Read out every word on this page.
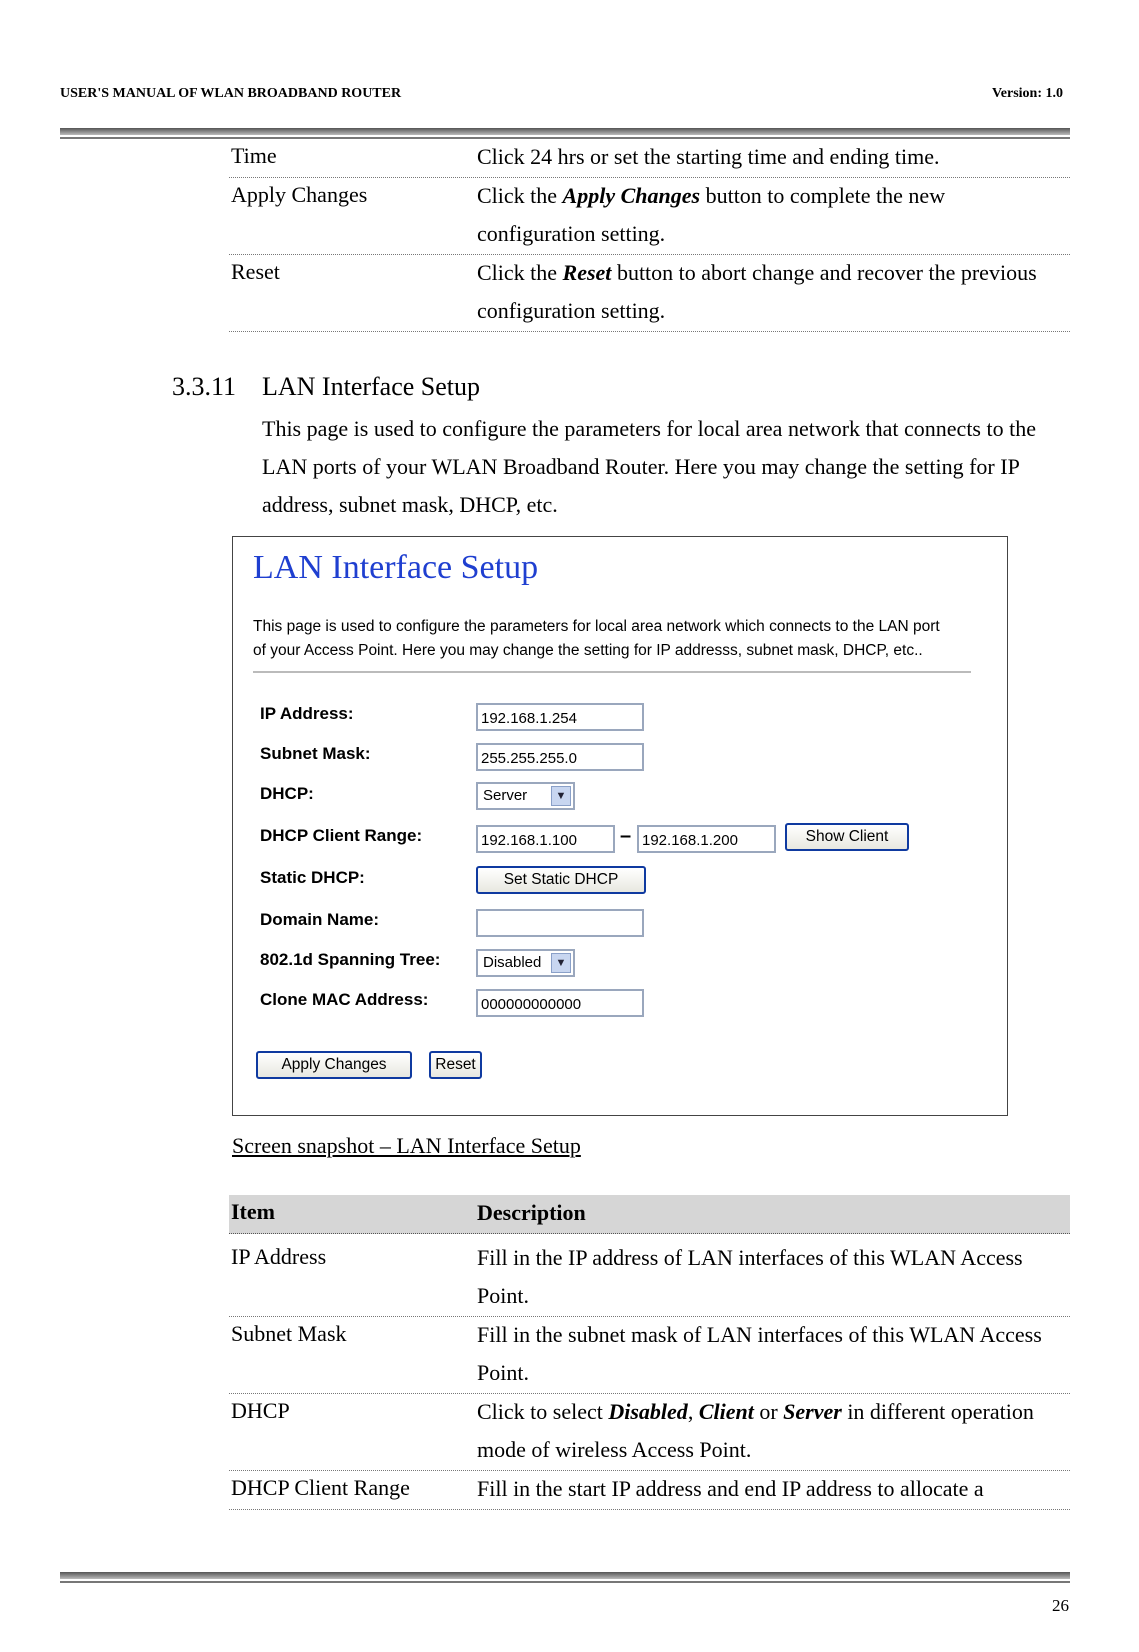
USER'S MANUAL OF WLAN BROADBAND ROUTER	Version: 1.0
Time	Click 24 hrs or set the starting time and ending time.
Apply Changes	Click the Apply Changes button to complete the new configuration setting.
Reset	Click the Reset button to abort change and recover the previous configuration setting.
3.3.11 LAN Interface Setup
This page is used to configure the parameters for local area network that connects to the LAN ports of your WLAN Broadband Router. Here you may change the setting for IP address, subnet mask, DHCP, etc.
LAN Interface Setup
This page is used to configure the parameters for local area network which connects to the LAN port of your Access Point. Here you may change the setting for IP addresss, subnet mask, DHCP, etc..
IP Address:	192.168.1.254
Subnet Mask:	255.255.255.0
DHCP:	Server	▼
DHCP Client Range:	192.168.1.100	– 192.168.1.200	Show Client
Static DHCP:	Set Static DHCP
Domain Name:
802.1d Spanning Tree:	Disabled	▼
Clone MAC Address:	000000000000
Apply Changes	Reset
Screen snapshot – LAN Interface Setup
Item	Description
IP Address	Fill in the IP address of LAN interfaces of this WLAN Access Point.
Subnet Mask	Fill in the subnet mask of LAN interfaces of this WLAN Access Point.
DHCP	Click to select Disabled, Client or Server in different operation mode of wireless Access Point.
DHCP Client Range	Fill in the start IP address and end IP address to allocate a
26
